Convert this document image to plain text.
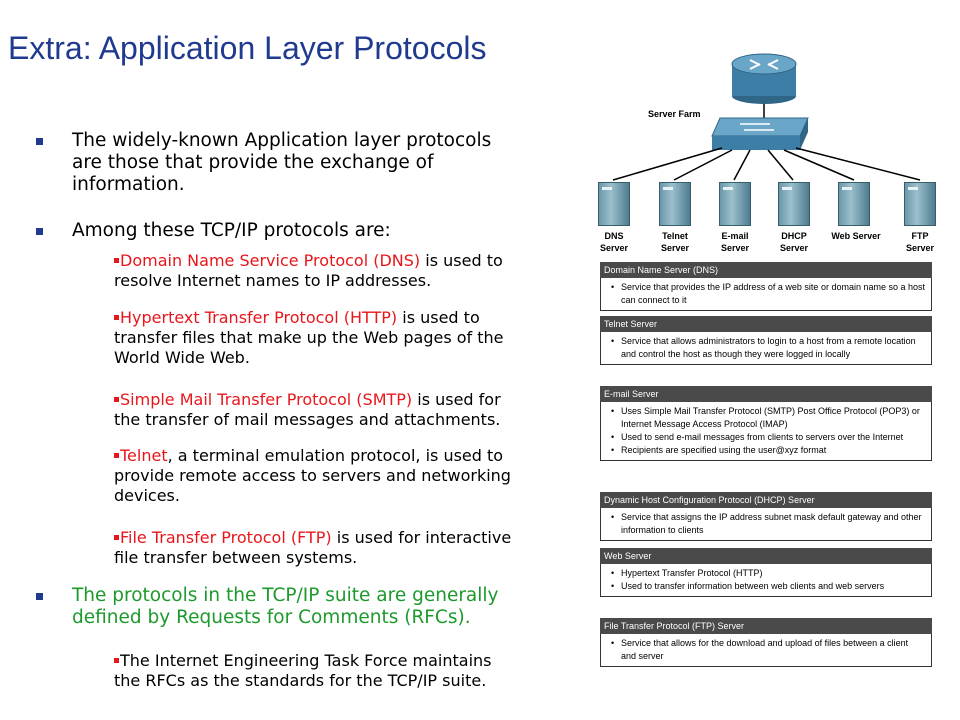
Extra: Application Layer Protocols
The widely-known Application layer protocols
are those that provide the exchange of
information.
Among these TCP/IP protocols are:
Domain Name Service Protocol (DNS) is used to
resolve Internet names to IP addresses.
Hypertext Transfer Protocol (HTTP) is used to
transfer files that make up the Web pages of the
World Wide Web.
Simple Mail Transfer Protocol (SMTP) is used for
the transfer of mail messages and attachments.
Telnet, a terminal emulation protocol, is used to
provide remote access to servers and networking
devices.
File Transfer Protocol (FTP) is used for interactive
file transfer between systems.
The protocols in the TCP/IP suite are generally
defined by Requests for Comments (RFCs).
The Internet Engineering Task Force maintains
the RFCs as the standards for the TCP/IP suite.
Server Farm
DNS
Server
Telnet
Server
E-mail
Server
DHCP
Server
Web Server	FTP
Server
Domain Name Server (DNS)
• Service that provides the IP address of a web site or domain name so a host can connect to it
Telnet Server
• Service that allows administrators to login to a host from a remote location and control the host as though they were logged in locally
E-mail Server
• Uses Simple Mail Transfer Protocol (SMTP) Post Office Protocol (POP3) or Internet Message Access Protocol (IMAP)
• Used to send e-mail messages from clients to servers over the Internet
• Recipients are specified using the user@xyz format
Dynamic Host Configuration Protocol (DHCP) Server
• Service that assigns the IP address subnet mask default gateway and other information to clients
Web Server
• Hypertext Transfer Protocol (HTTP)
• Used to transfer information between web clients and web servers
File Transfer Protocol (FTP) Server
• Service that allows for the download and upload of files between a client and server
